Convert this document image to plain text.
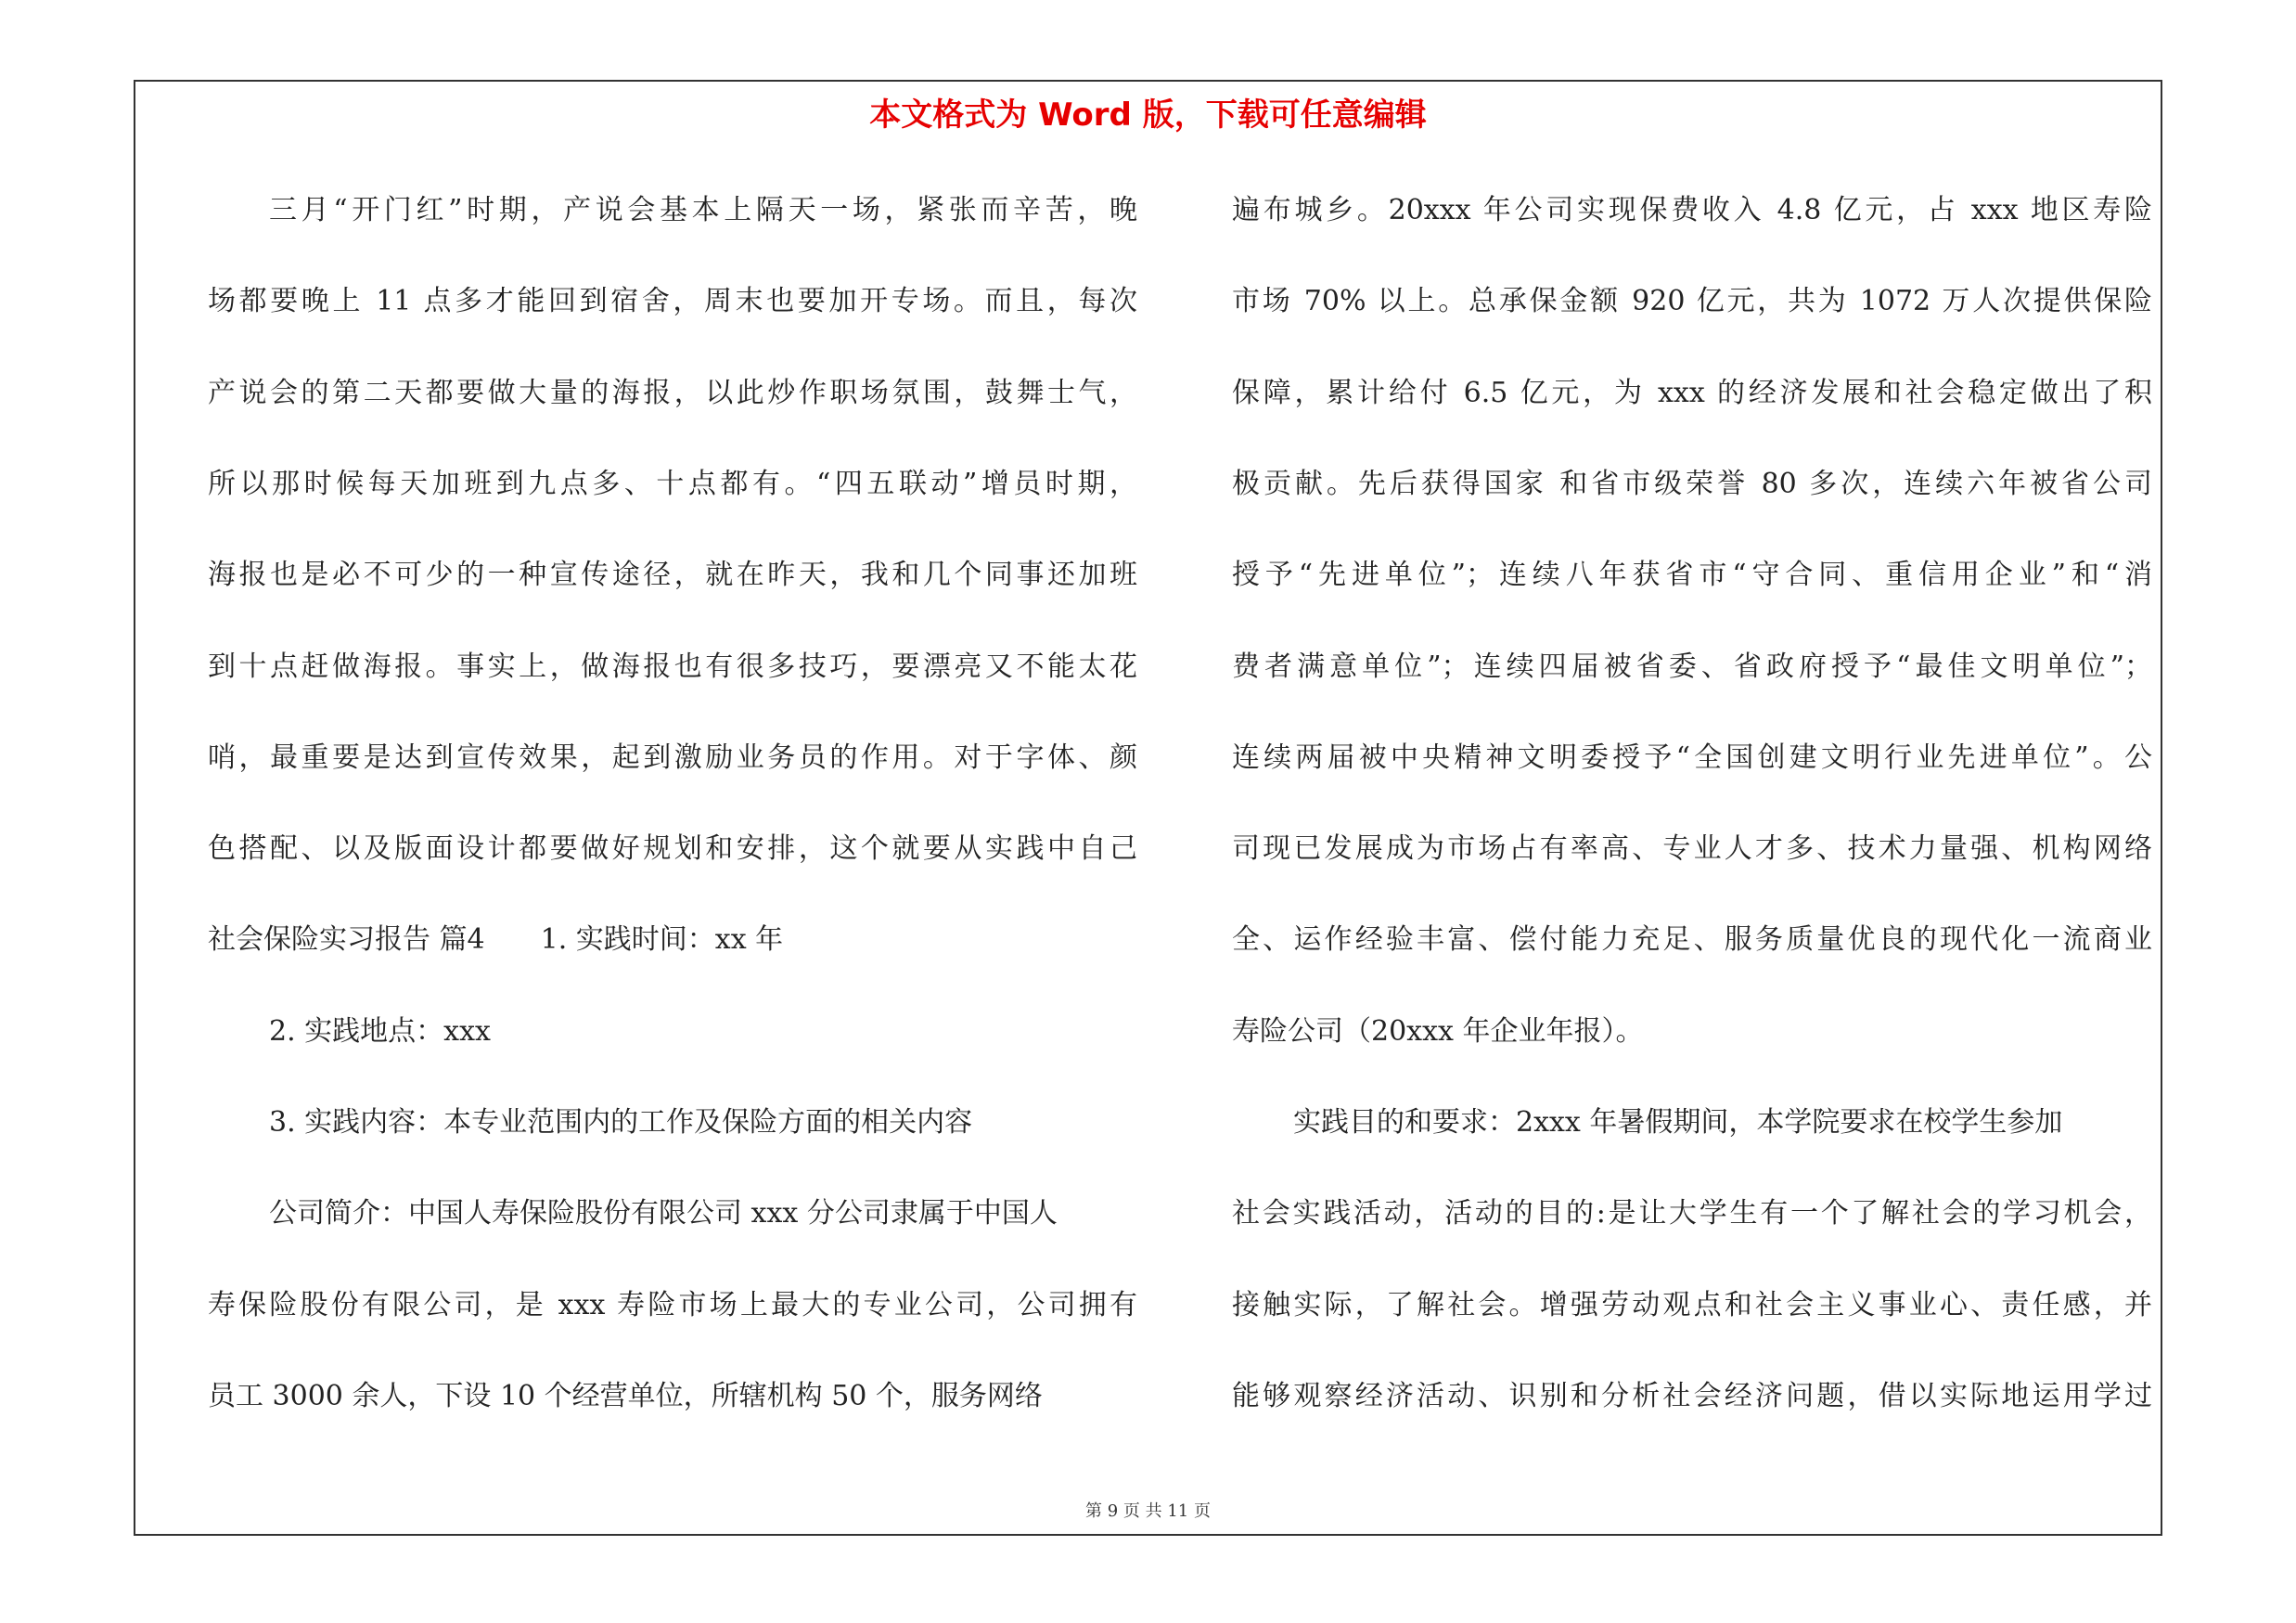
本文格式为 Word 版，下载可任意编辑
三月“开门红”时期，产说会基本上隔天一场，紧张而辛苦，晚
场都要晚上 11 点多才能回到宿舍，周末也要加开专场。而且，每次
产说会的第二天都要做大量的海报，以此炒作职场氛围，鼓舞士气，
所以那时候每天加班到九点多、十点都有。“四五联动”增员时期，
海报也是必不可少的一种宣传途径，就在昨天，我和几个同事还加班
到十点赶做海报。事实上，做海报也有很多技巧，要漂亮又不能太花
哨，最重要是达到宣传效果，起到激励业务员的作用。对于字体、颜
色搭配、以及版面设计都要做好规划和安排，这个就要从实践中自己
社会保险实习报告 篇4　　1. 实践时间：xx 年
2. 实践地点：xxx
3. 实践内容：本专业范围内的工作及保险方面的相关内容
公司简介：中国人寿保险股份有限公司 xxx 分公司隶属于中国人
寿保险股份有限公司，是 xxx 寿险市场上最大的专业公司，公司拥有
员工 3000 余人，下设 10 个经营单位，所辖机构 50 个，服务网络
遍布城乡。20xxx 年公司实现保费收入 4.8 亿元，占 xxx 地区寿险
市场 70% 以上。总承保金额 920 亿元，共为 1072 万人次提供保险
保障，累计给付 6.5 亿元，为 xxx 的经济发展和社会稳定做出了积
极贡献。先后获得国家 和省市级荣誉 80 多次，连续六年被省公司
授予“先进单位”；连续八年获省市“守合同、重信用企业”和“消
费者满意单位”；连续四届被省委、省政府授予“最佳文明单位”；
连续两届被中央精神文明委授予“全国创建文明行业先进单位”。公
司现已发展成为市场占有率高、专业人才多、技术力量强、机构网络
全、运作经验丰富、偿付能力充足、服务质量优良的现代化一流商业
寿险公司（20xxx 年企业年报）。
实践目的和要求：2xxx 年暑假期间，本学院要求在校学生参加
社会实践活动，活动的目的:是让大学生有一个了解社会的学习机会，
接触实际，了解社会。增强劳动观点和社会主义事业心、责任感，并
能够观察经济活动、识别和分析社会经济问题，借以实际地运用学过
第 9 页 共 11 页
